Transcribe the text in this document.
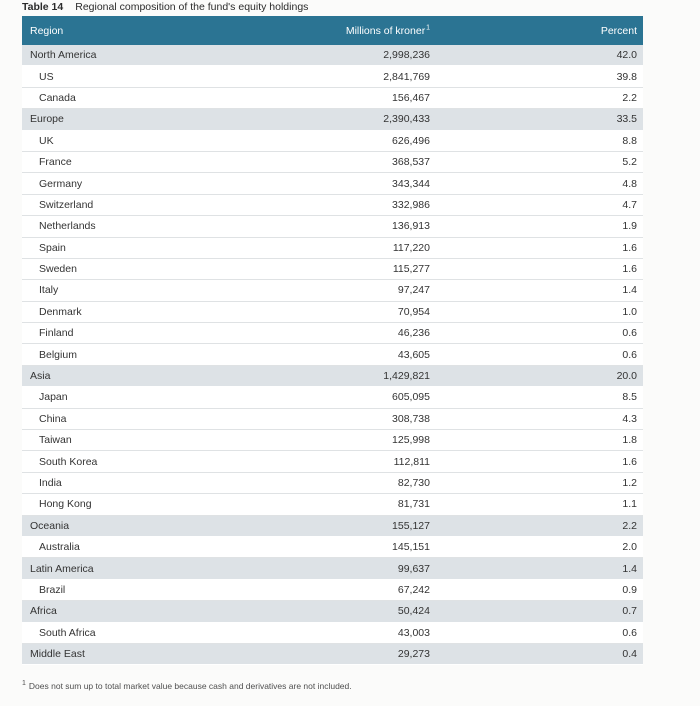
Table 14 Regional composition of the fund's equity holdings
Region	Millions of kroner $^1$	Percent
North America	2,998,236	42.0
US	2,841,769	39.8
Canada	156,467	2.2
Europe	2,390,433	33.5
UK	626,496	8.8
France	368,537	5.2
Germany	343,344	4.8
Switzerland	332,986	4.7
Netherlands	136,913	1.9
Spain	117,220	1.6
Sweden	115,277	1.6
Italy	97,247	1.4
Denmark	70,954	1.0
Finland	46,236	0.6
Belgium	43,605	0.6
Asia	1,429,821	20.0
Japan	605,095	8.5
China	308,738	4.3
Taiwan	125,998	1.8
South Korea	112,811	1.6
India	82,730	1.2
Hong Kong	81,731	1.1
Oceania	155,127	2.2
Australia	145,151	2.0
Latin America	99,637	1.4
Brazil	67,242	0.9
Africa	50,424	0.7
South Africa	43,003	0.6
Middle East	29,273	0.4
$^1$ Does not sum up to total market value because cash and derivatives are not included.
